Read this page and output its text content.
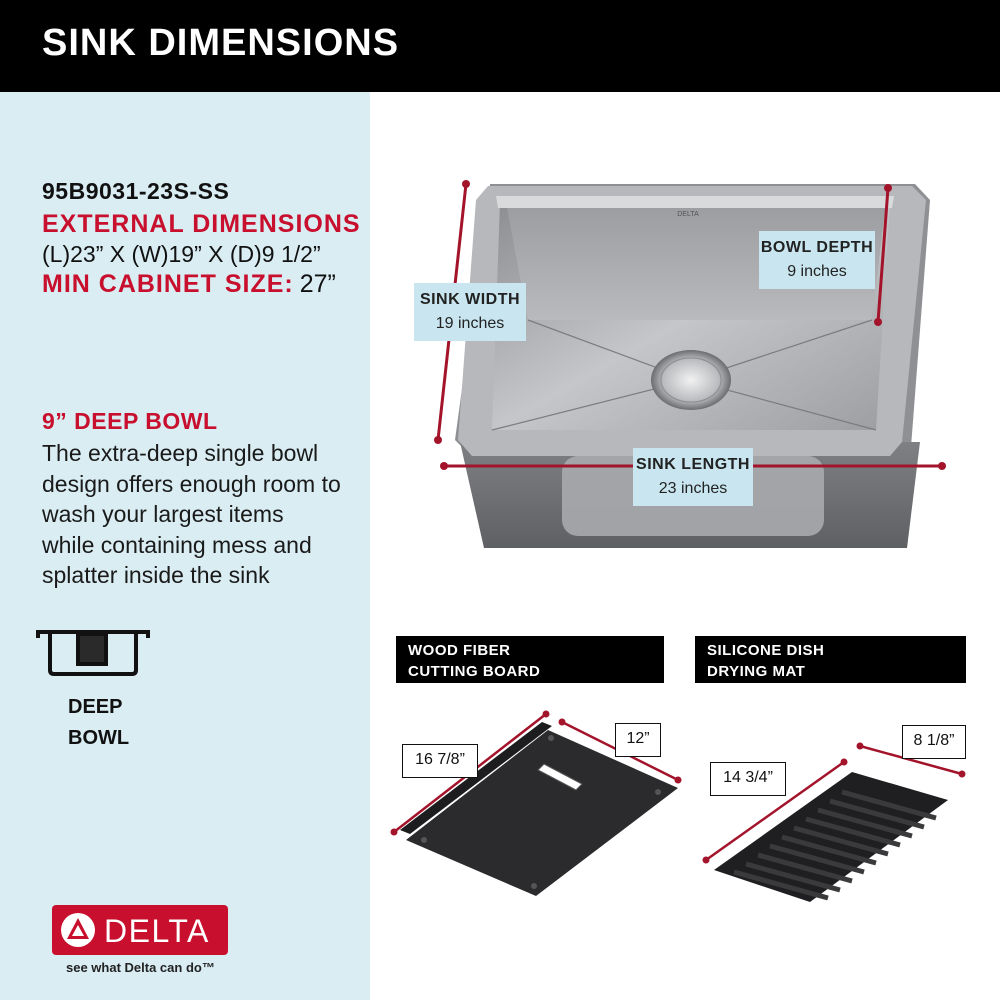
SINK DIMENSIONS
95B9031-23S-SS
EXTERNAL DIMENSIONS
(L)23” X (W)19” X (D)9 1/2”
MIN CABINET SIZE: 27”
9” DEEP BOWL
The extra-deep single bowl design offers enough room to wash your largest items while containing mess and splatter inside the sink
DEEP
BOWL
DELTA
see what Delta can do™
DELTA
SINK WIDTH
19 inches
BOWL DEPTH
9 inches
SINK LENGTH
23 inches
WOOD FIBER
CUTTING BOARD
SILICONE DISH
DRYING MAT
16 7/8”
12”
14 3/4”
8 1/8”
